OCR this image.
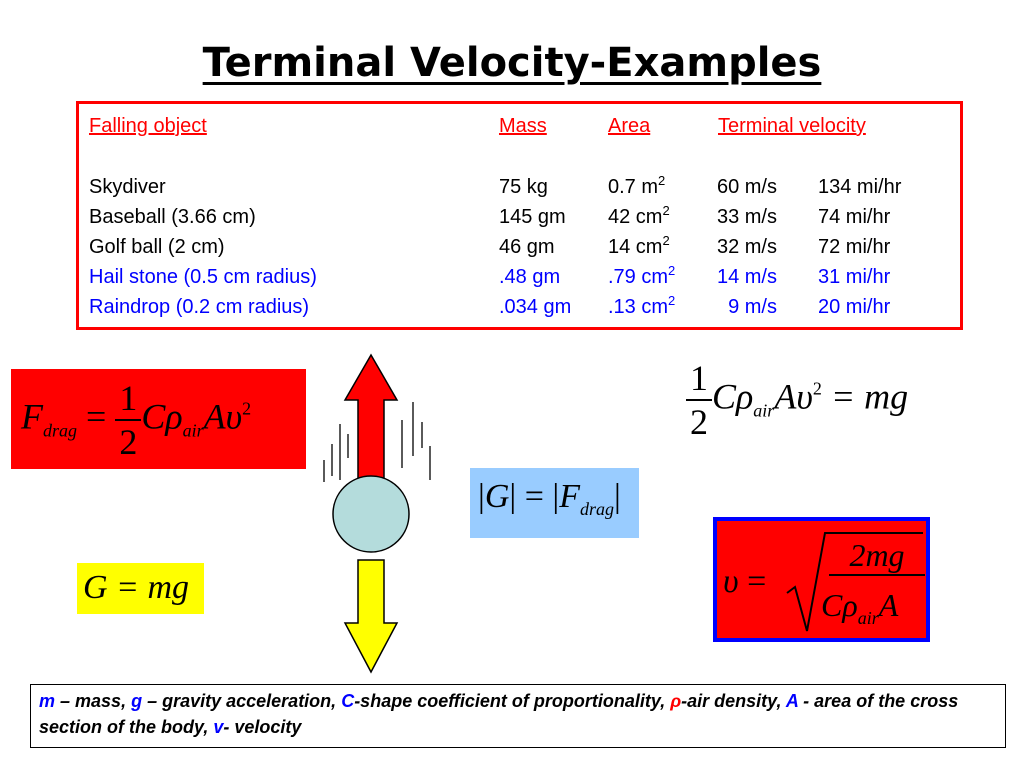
Terminal Velocity-Examples
Falling object	Mass	Area	Terminal velocity
Skydiver	75 kg	0.7 $m^2$	60 m/s 134 mi/hr
Baseball (3.66 cm)	145 gm 42 $cm^2$ 33 m/s 74 mi/hr
Golf ball (2 cm)	46 gm	14 $cm^2$ 32 m/s 72 mi/hr
Hail stone (0.5 cm radius)	.48 gm .79 $cm^2$ 14 m/s 31 mi/hr
Raindrop (0.2 cm radius)	.034 gm .13 $cm^2$	9 m/s 20 mi/hr
$F_{drag} = \frac{1}{2} C\rho_{air}A\upsilon^2$	$\frac{1}{2} C\rho_{air}A\upsilon^2$ = mg
$|G| = |F_{drag}|$
G = mg	υ =
2mg
$C\rho_{air}A$
m – mass, g – gravity acceleration, C-shape coefficient of proportionality, ρ-air density, A - area of the cross section of the body, v- velocity
